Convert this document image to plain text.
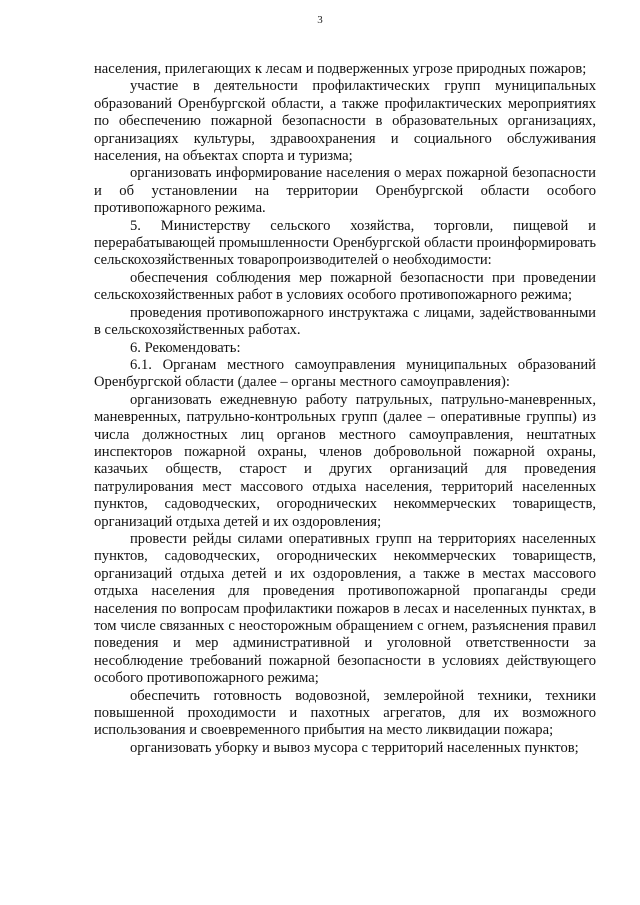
3

населения, прилегающих к лесам и подверженных угрозе природных пожаров;

участие в деятельности профилактических групп муниципальных образований Оренбургской области, а также профилактических мероприятиях по обеспечению пожарной безопасности в образовательных организациях, организациях культуры, здравоохранения и социального обслуживания населения, на объектах спорта и туризма;

организовать информирование населения о мерах пожарной безопасности и об установлении на территории Оренбургской области особого противопожарного режима.

5. Министерству сельского хозяйства, торговли, пищевой и перерабатывающей промышленности Оренбургской области проинформировать сельскохозяйственных товаропроизводителей о необходимости:

обеспечения соблюдения мер пожарной безопасности при проведении сельскохозяйственных работ в условиях особого противопожарного режима;

проведения противопожарного инструктажа с лицами, задействованными в сельскохозяйственных работах.

6. Рекомендовать:

6.1. Органам местного самоуправления муниципальных образований Оренбургской области (далее – органы местного самоуправления):

организовать ежедневную работу патрульных, патрульно-маневренных, маневренных, патрульно-контрольных групп (далее – оперативные группы) из числа должностных лиц органов местного самоуправления, нештатных инспекторов пожарной охраны, членов добровольной пожарной охраны, казачьих обществ, старост и других организаций для проведения патрулирования мест массового отдыха населения, территорий населенных пунктов, садоводческих, огороднических некоммерческих товариществ, организаций отдыха детей и их оздоровления;

провести рейды силами оперативных групп на территориях населенных пунктов, садоводческих, огороднических некоммерческих товариществ, организаций отдыха детей и их оздоровления, а также в местах массового отдыха населения для проведения противопожарной пропаганды среди населения по вопросам профилактики пожаров в лесах и населенных пунктах, в том числе связанных с неосторожным обращением с огнем, разъяснения правил поведения и мер административной и уголовной ответственности за несоблюдение требований пожарной безопасности в условиях действующего особого противопожарного режима;

обеспечить готовность водовозной, землеройной техники, техники повышенной проходимости и пахотных агрегатов, для их возможного использования и своевременного прибытия на место ликвидации пожара;

организовать уборку и вывоз мусора с территорий населенных пунктов;
